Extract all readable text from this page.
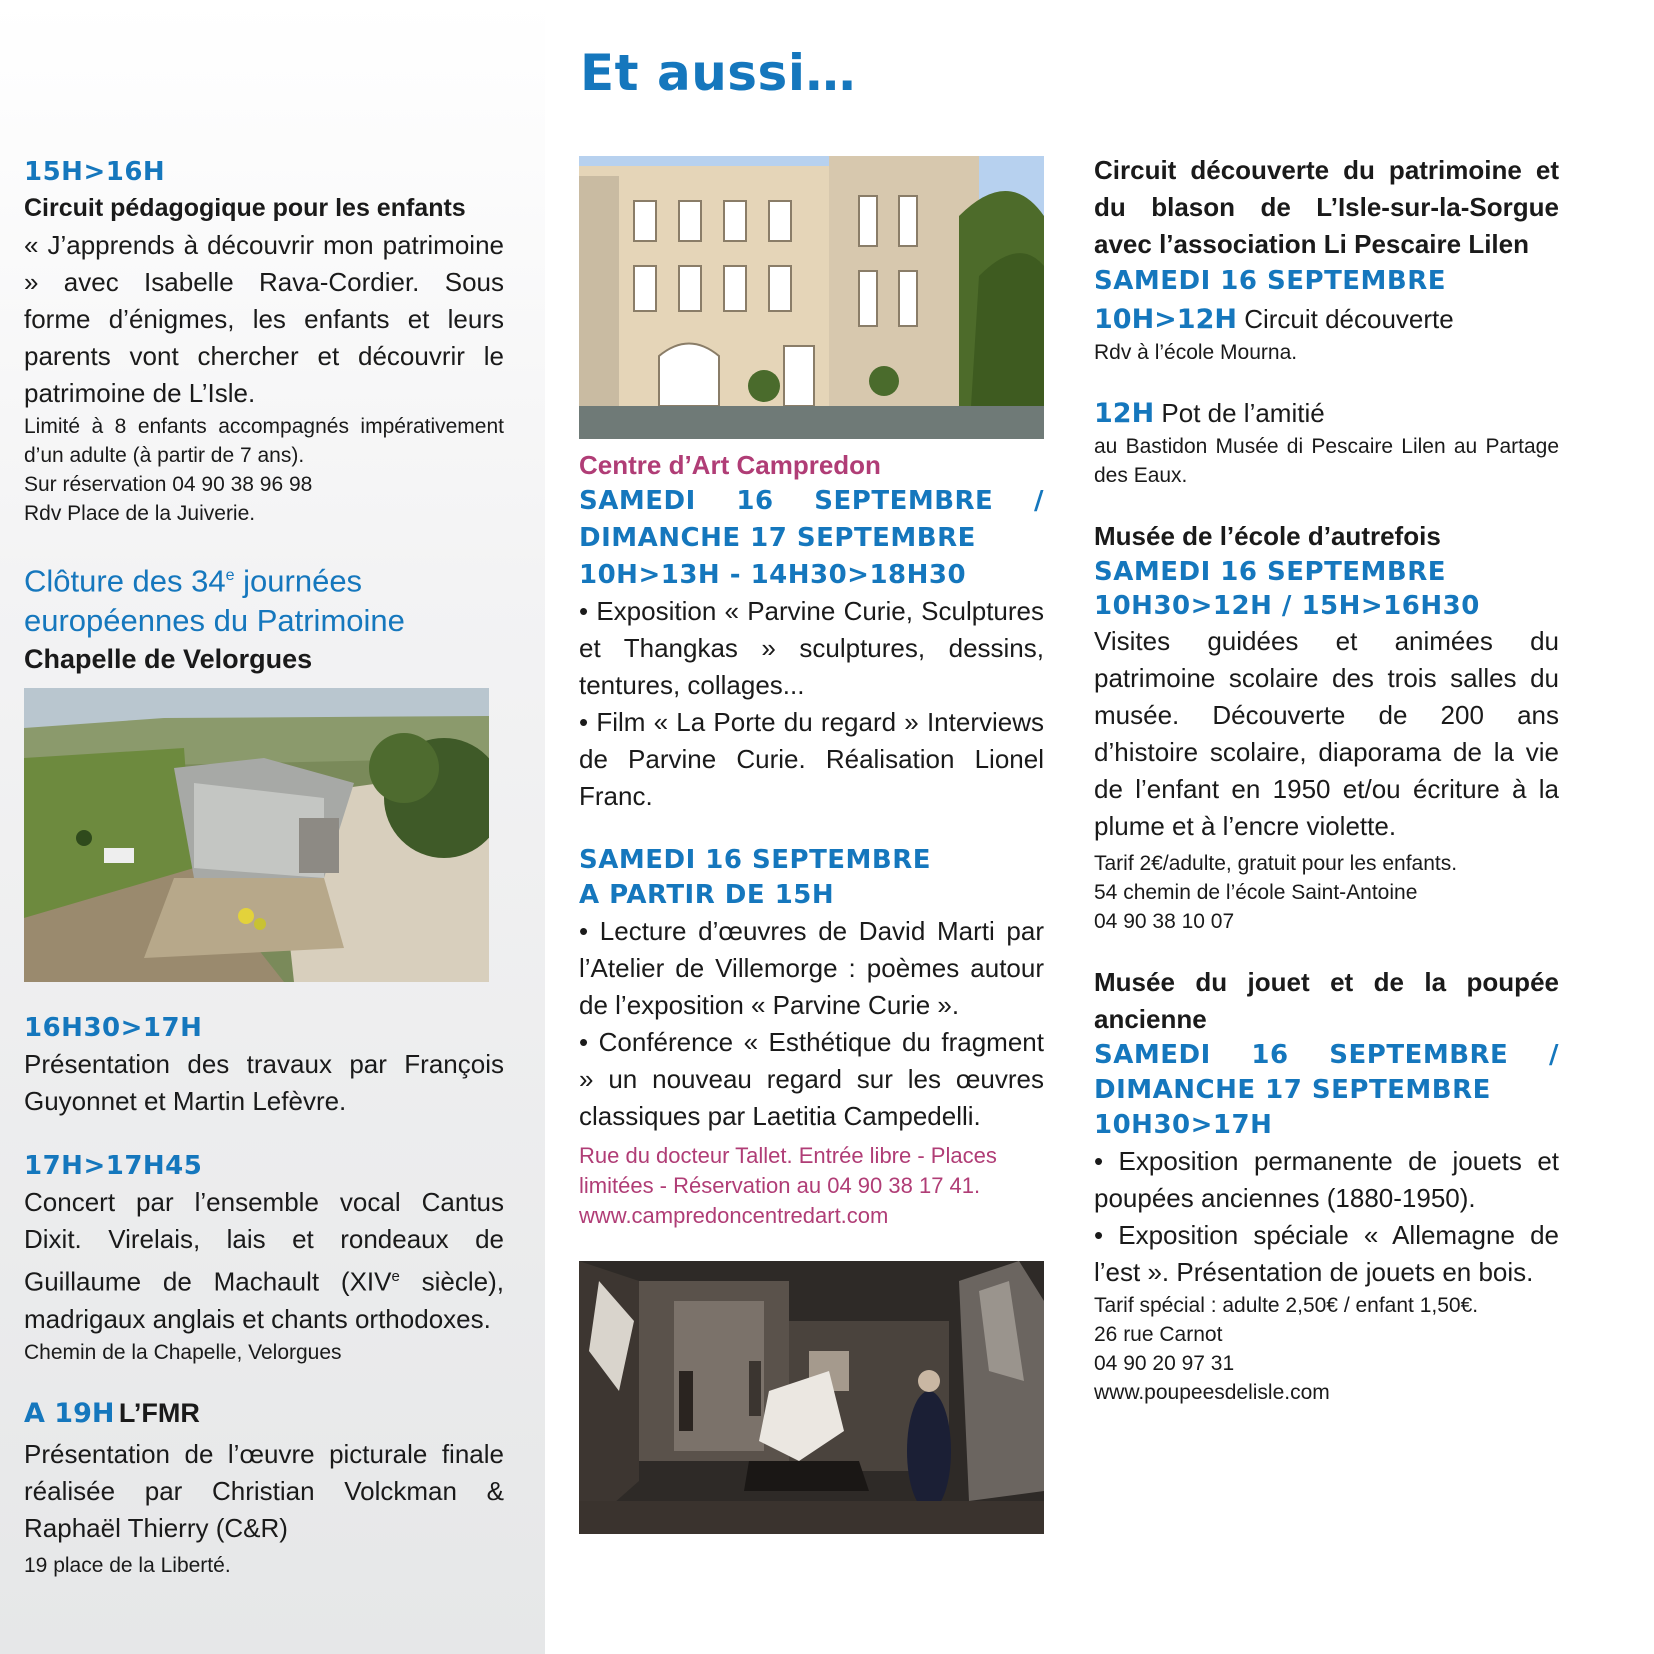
Et aussi…
15H>16H
Circuit pédagogique pour les enfants
« J’apprends à découvrir mon patrimoine » avec Isabelle Rava-Cordier. Sous forme d’énigmes, les enfants et leurs parents vont chercher et découvrir le patrimoine de L’Isle.
Limité à 8 enfants accompagnés impérativement d’un adulte (à partir de 7 ans).
Sur réservation 04 90 38 96 98
Rdv Place de la Juiverie.
Clôture des 34e journées
européennes du Patrimoine
Chapelle de Velorgues
16H30>17H
Présentation des travaux par François Guyonnet et Martin Lefèvre.
17H>17H45
Concert par l’ensemble vocal Cantus Dixit. Virelais, lais et rondeaux de Guillaume de Machault (XIVe siècle), madrigaux anglais et chants orthodoxes.
Chemin de la Chapelle, Velorgues
A 19H L’FMR
Présentation de l’œuvre picturale finale réalisée par Christian Volckman & Raphaël Thierry (C&R)
19 place de la Liberté.
Centre d’Art Campredon
SAMEDI 16 SEPTEMBRE / DIMANCHE 17 SEPTEMBRE
10H>13H - 14H30>18H30
• Exposition « Parvine Curie, Sculptures et Thangkas » sculptures, dessins, tentures, collages...
• Film « La Porte du regard » Interviews de Parvine Curie. Réalisation Lionel Franc.
SAMEDI 16 SEPTEMBRE
A PARTIR DE 15H
• Lecture d’œuvres de David Marti par l’Atelier de Villemorge : poèmes autour de l’exposition « Parvine Curie ».
• Conférence « Esthétique du fragment » un nouveau regard sur les œuvres classiques par Laetitia Campedelli.
Rue du docteur Tallet. Entrée libre - Places limitées - Réservation au 04 90 38 17 41.
www.campredoncentredart.com
Circuit découverte du patrimoine et du blason de L’Isle-sur-la-Sorgue avec l’association Li Pescaire Lilen
SAMEDI 16 SEPTEMBRE
10H>12H Circuit découverte
Rdv à l’école Mourna.
12H Pot de l’amitié
au Bastidon Musée di Pescaire Lilen au Partage des Eaux.
Musée de l’école d’autrefois
SAMEDI 16 SEPTEMBRE
10H30>12H / 15H>16H30
Visites guidées et animées du patrimoine scolaire des trois salles du musée. Découverte de 200 ans d’histoire scolaire, diaporama de la vie de l’enfant en 1950 et/ou écriture à la plume et à l’encre violette.
Tarif 2€/adulte, gratuit pour les enfants.
54 chemin de l’école Saint-Antoine
04 90 38 10 07
Musée du jouet et de la poupée ancienne
SAMEDI 16 SEPTEMBRE / DIMANCHE 17 SEPTEMBRE
10H30>17H
• Exposition permanente de jouets et poupées anciennes (1880-1950).
• Exposition spéciale « Allemagne de l’est ». Présentation de jouets en bois.
Tarif spécial : adulte 2,50€ / enfant 1,50€.
26 rue Carnot
04 90 20 97 31
www.poupeesdelisle.com
